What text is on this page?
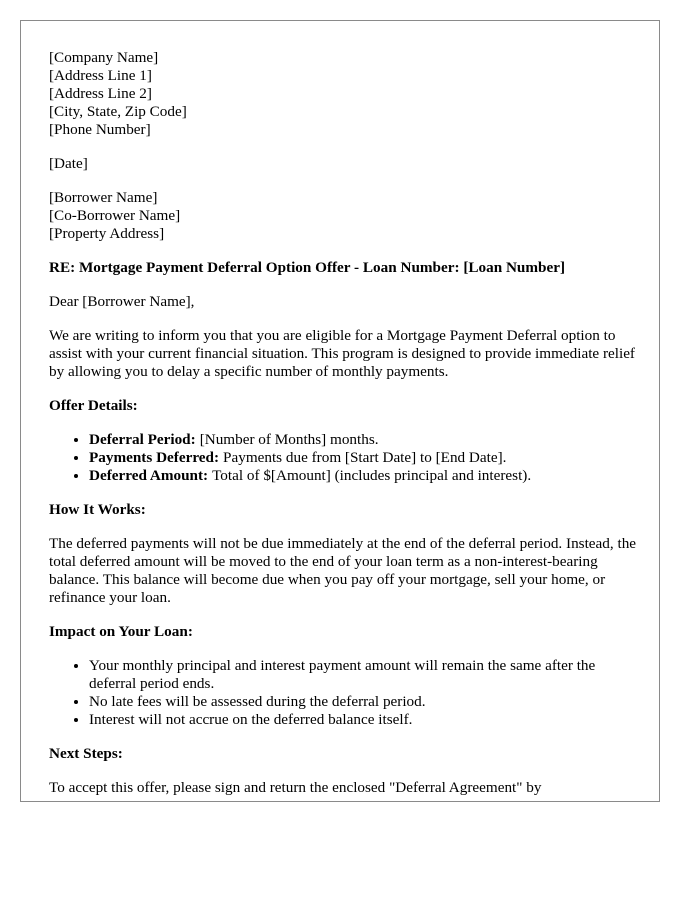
[Company Name]
[Address Line 1]
[Address Line 2]
[City, State, Zip Code]
[Phone Number]

[Date]

[Borrower Name]
[Co-Borrower Name]
[Property Address]

RE: Mortgage Payment Deferral Option Offer - Loan Number: [Loan Number]

Dear [Borrower Name],

We are writing to inform you that you are eligible for a Mortgage Payment Deferral option to assist with your current financial situation. This program is designed to provide immediate relief by allowing you to delay a specific number of monthly payments.

Offer Details:
• Deferral Period: [Number of Months] months.
• Payments Deferred: Payments due from [Start Date] to [End Date].
• Deferred Amount: Total of $[Amount] (includes principal and interest).
How It Works:

The deferred payments will not be due immediately at the end of the deferral period. Instead, the total deferred amount will be moved to the end of your loan term as a non-interest-bearing balance. This balance will become due when you pay off your mortgage, sell your home, or refinance your loan.

Impact on Your Loan:
• Your monthly principal and interest payment amount will remain the same after the deferral period ends.
• No late fees will be assessed during the deferral period.
• Interest will not accrue on the deferred balance itself.
Next Steps:

To accept this offer, please sign and return the enclosed "Deferral Agreement" by
